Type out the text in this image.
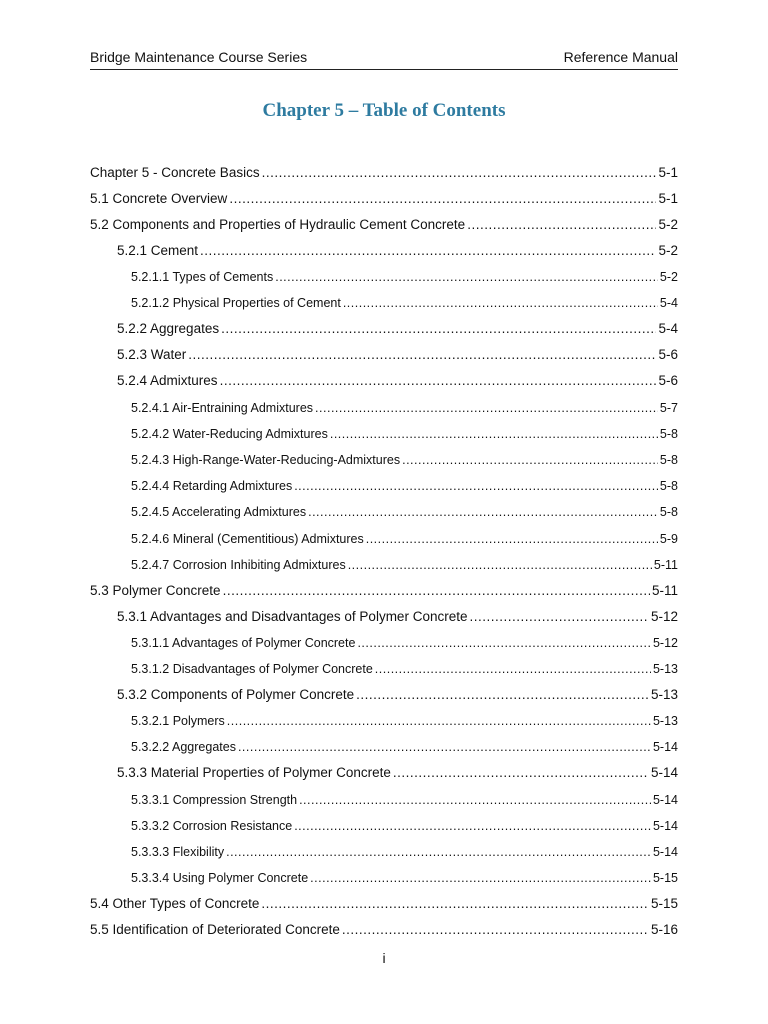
Bridge Maintenance Course Series	Reference Manual
Chapter 5 – Table of Contents
Chapter 5 - Concrete Basics .....	5-1
5.1 Concrete Overview .....	5-1
5.2 Components and Properties of Hydraulic Cement Concrete .....	5-2
5.2.1 Cement .....	5-2
5.2.1.1 Types of Cements .....	5-2
5.2.1.2 Physical Properties of Cement .....	5-4
5.2.2 Aggregates .....	5-4
5.2.3 Water .....	5-6
5.2.4 Admixtures .....	5-6
5.2.4.1 Air-Entraining Admixtures .....	5-7
5.2.4.2 Water-Reducing Admixtures .....	5-8
5.2.4.3 High-Range-Water-Reducing-Admixtures .....	5-8
5.2.4.4 Retarding Admixtures .....	5-8
5.2.4.5 Accelerating Admixtures .....	5-8
5.2.4.6 Mineral (Cementitious) Admixtures .....	5-9
5.2.4.7 Corrosion Inhibiting Admixtures .....	5-11
5.3 Polymer Concrete .....	5-11
5.3.1 Advantages and Disadvantages of Polymer Concrete .....	5-12
5.3.1.1 Advantages of Polymer Concrete .....	5-12
5.3.1.2 Disadvantages of Polymer Concrete .....	5-13
5.3.2 Components of Polymer Concrete .....	5-13
5.3.2.1 Polymers .....	5-13
5.3.2.2 Aggregates .....	5-14
5.3.3 Material Properties of Polymer Concrete .....	5-14
5.3.3.1 Compression Strength .....	5-14
5.3.3.2 Corrosion Resistance .....	5-14
5.3.3.3 Flexibility .....	5-14
5.3.3.4 Using Polymer Concrete .....	5-15
5.4 Other Types of Concrete .....	5-15
5.5 Identification of Deteriorated Concrete .....	5-16
i
